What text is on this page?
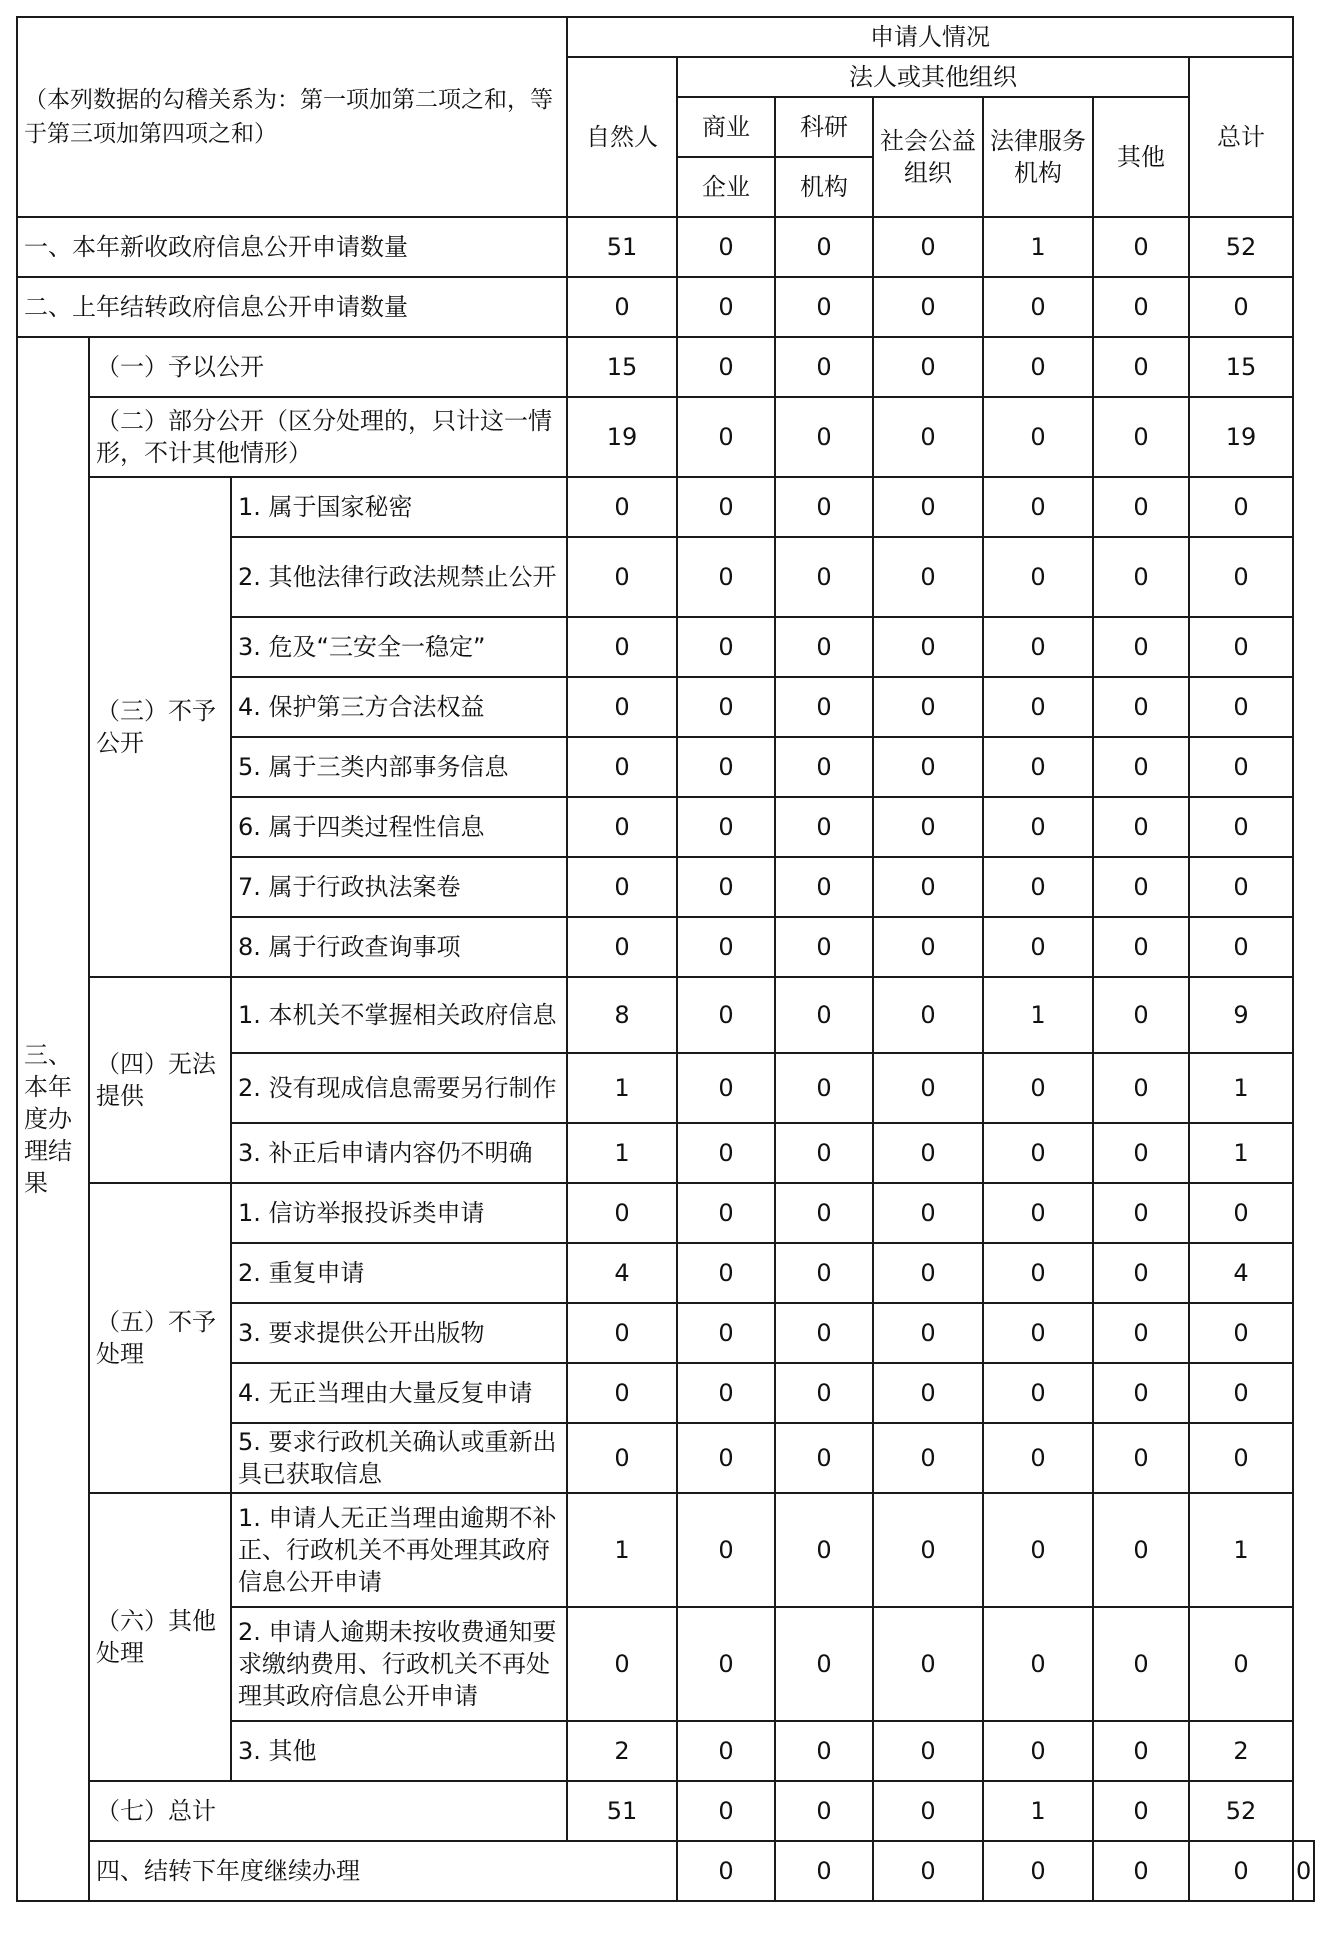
（本列数据的勾稽关系为：第一项加第二项之和，等于第三项加第四项之和）			申请人情况							
			自然人	法人或其他组织					总计	
				商业	科研	社会公益组织	法律服务机构	其他		
				企业	机构					
一、本年新收政府信息公开申请数量			51	0	0	0	1	0	52	
二、上年结转政府信息公开申请数量			0	0	0	0	0	0	0	
三、本年度办理结果	（一）予以公开		15	0	0	0	0	0	15	
	（二）部分公开（区分处理的，只计这一情形，不计其他情形）		19	0	0	0	0	0	19	
	（三）不予公开	1. 属于国家秘密	0	0	0	0	0	0	0	
		2. 其他法律行政法规禁止公开	0	0	0	0	0	0	0	
		3. 危及“三安全一稳定”	0	0	0	0	0	0	0	
		4. 保护第三方合法权益	0	0	0	0	0	0	0	
		5. 属于三类内部事务信息	0	0	0	0	0	0	0	
		6. 属于四类过程性信息	0	0	0	0	0	0	0	
		7. 属于行政执法案卷	0	0	0	0	0	0	0	
		8. 属于行政查询事项	0	0	0	0	0	0	0	
	（四）无法提供	1. 本机关不掌握相关政府信息	8	0	0	0	1	0	9	
		2. 没有现成信息需要另行制作	1	0	0	0	0	0	1	
		3. 补正后申请内容仍不明确	1	0	0	0	0	0	1	
	（五）不予处理	1. 信访举报投诉类申请	0	0	0	0	0	0	0	
		2. 重复申请	4	0	0	0	0	0	4	
		3. 要求提供公开出版物	0	0	0	0	0	0	0	
		4. 无正当理由大量反复申请	0	0	0	0	0	0	0	
		5. 要求行政机关确认或重新出具已获取信息	0	0	0	0	0	0	0	
	（六）其他处理	1. 申请人无正当理由逾期不补正、行政机关不再处理其政府信息公开申请	1	0	0	0	0	0	1	
		2. 申请人逾期未按收费通知要求缴纳费用、行政机关不再处理其政府信息公开申请	0	0	0	0	0	0	0	
		3. 其他	2	0	0	0	0	0	2	
	（七）总计		51	0	0	0	1	0	52	
	四、结转下年度继续办理			0	0	0	0	0	0	0
